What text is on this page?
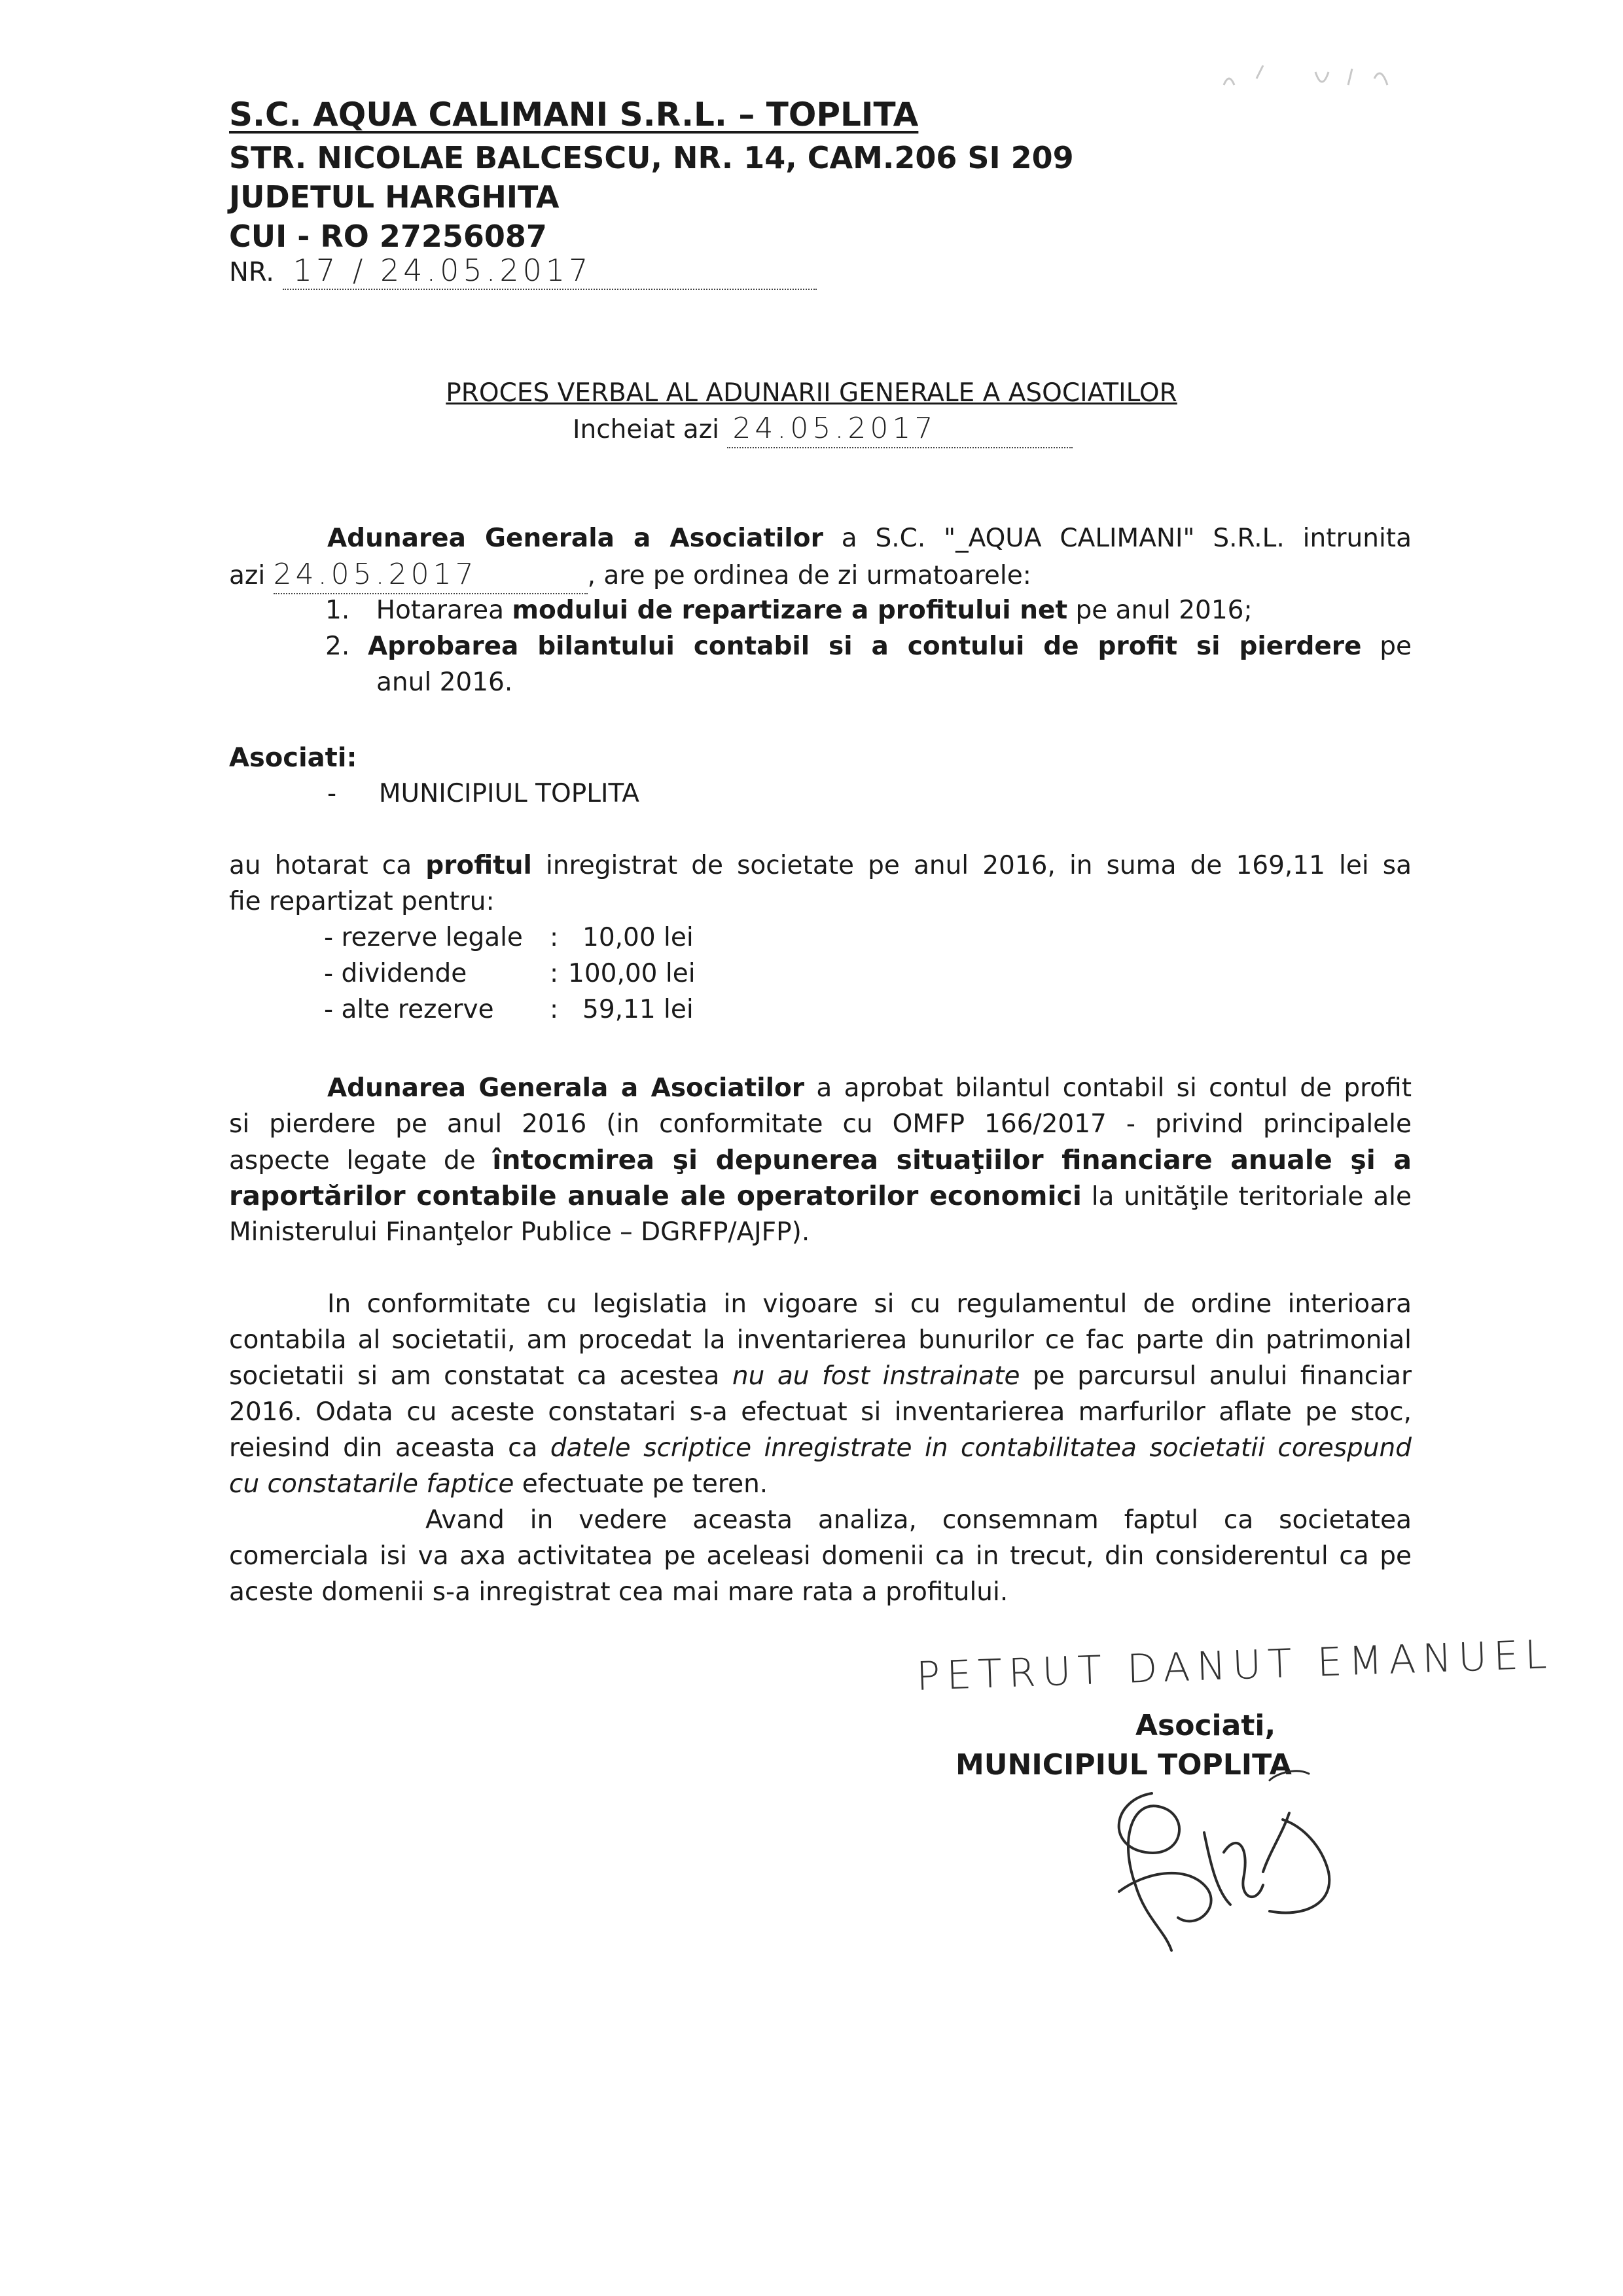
S.C. AQUA CALIMANI S.R.L. – TOPLITA
STR. NICOLAE BALCESCU, NR. 14, CAM.206 SI 209
JUDETUL HARGHITA
CUI - RO 27256087
NR. 17 / 24.05.2017
PROCES VERBAL AL ADUNARII GENERALE A ASOCIATILOR
Incheiat azi 24.05.2017
Adunarea Generala a Asociatilor a S.C. "_AQUA CALIMANI" S.R.L. intrunita
azi 24.05.2017	, are pe ordinea de zi urmatoarele:
1. Hotararea modului de repartizare a profitului net pe anul 2016;
2. Aprobarea bilantului contabil si a contului de profit si pierdere pe
anul 2016.
Asociati:
- MUNICIPIUL TOPLITA
au hotarat ca profitul inregistrat de societate pe anul 2016, in suma de 169,11 lei sa
fie repartizat pentru:
- rezerve legale : 10,00 lei
- dividende	: 100,00 lei
- alte rezerve : 59,11 lei
Adunarea Generala a Asociatilor a aprobat bilantul contabil si contul de profit
si pierdere pe anul 2016 (in conformitate cu OMFP 166/2017 - privind principalele
aspecte legate de întocmirea şi depunerea situaţiilor financiare anuale şi a
raportărilor contabile anuale ale operatorilor economici la unităţile teritoriale ale
Ministerului Finanţelor Publice – DGRFP/AJFP).
In conformitate cu legislatia in vigoare si cu regulamentul de ordine interioara
contabila al societatii, am procedat la inventarierea bunurilor ce fac parte din patrimonial
societatii si am constatat ca acestea nu au fost instrainate pe parcursul anului financiar
2016. Odata cu aceste constatari s-a efectuat si inventarierea marfurilor aflate pe stoc,
reiesind din aceasta ca datele scriptice inregistrate in contabilitatea societatii corespund
cu constatarile faptice efectuate pe teren.
Avand in vedere aceasta analiza, consemnam faptul ca societatea
comerciala isi va axa activitatea pe aceleasi domenii ca in trecut, din considerentul ca pe
aceste domenii s-a inregistrat cea mai mare rata a profitului.
PETRUT DANUT EMANUEL
Asociati,
MUNICIPIUL TOPLITA
